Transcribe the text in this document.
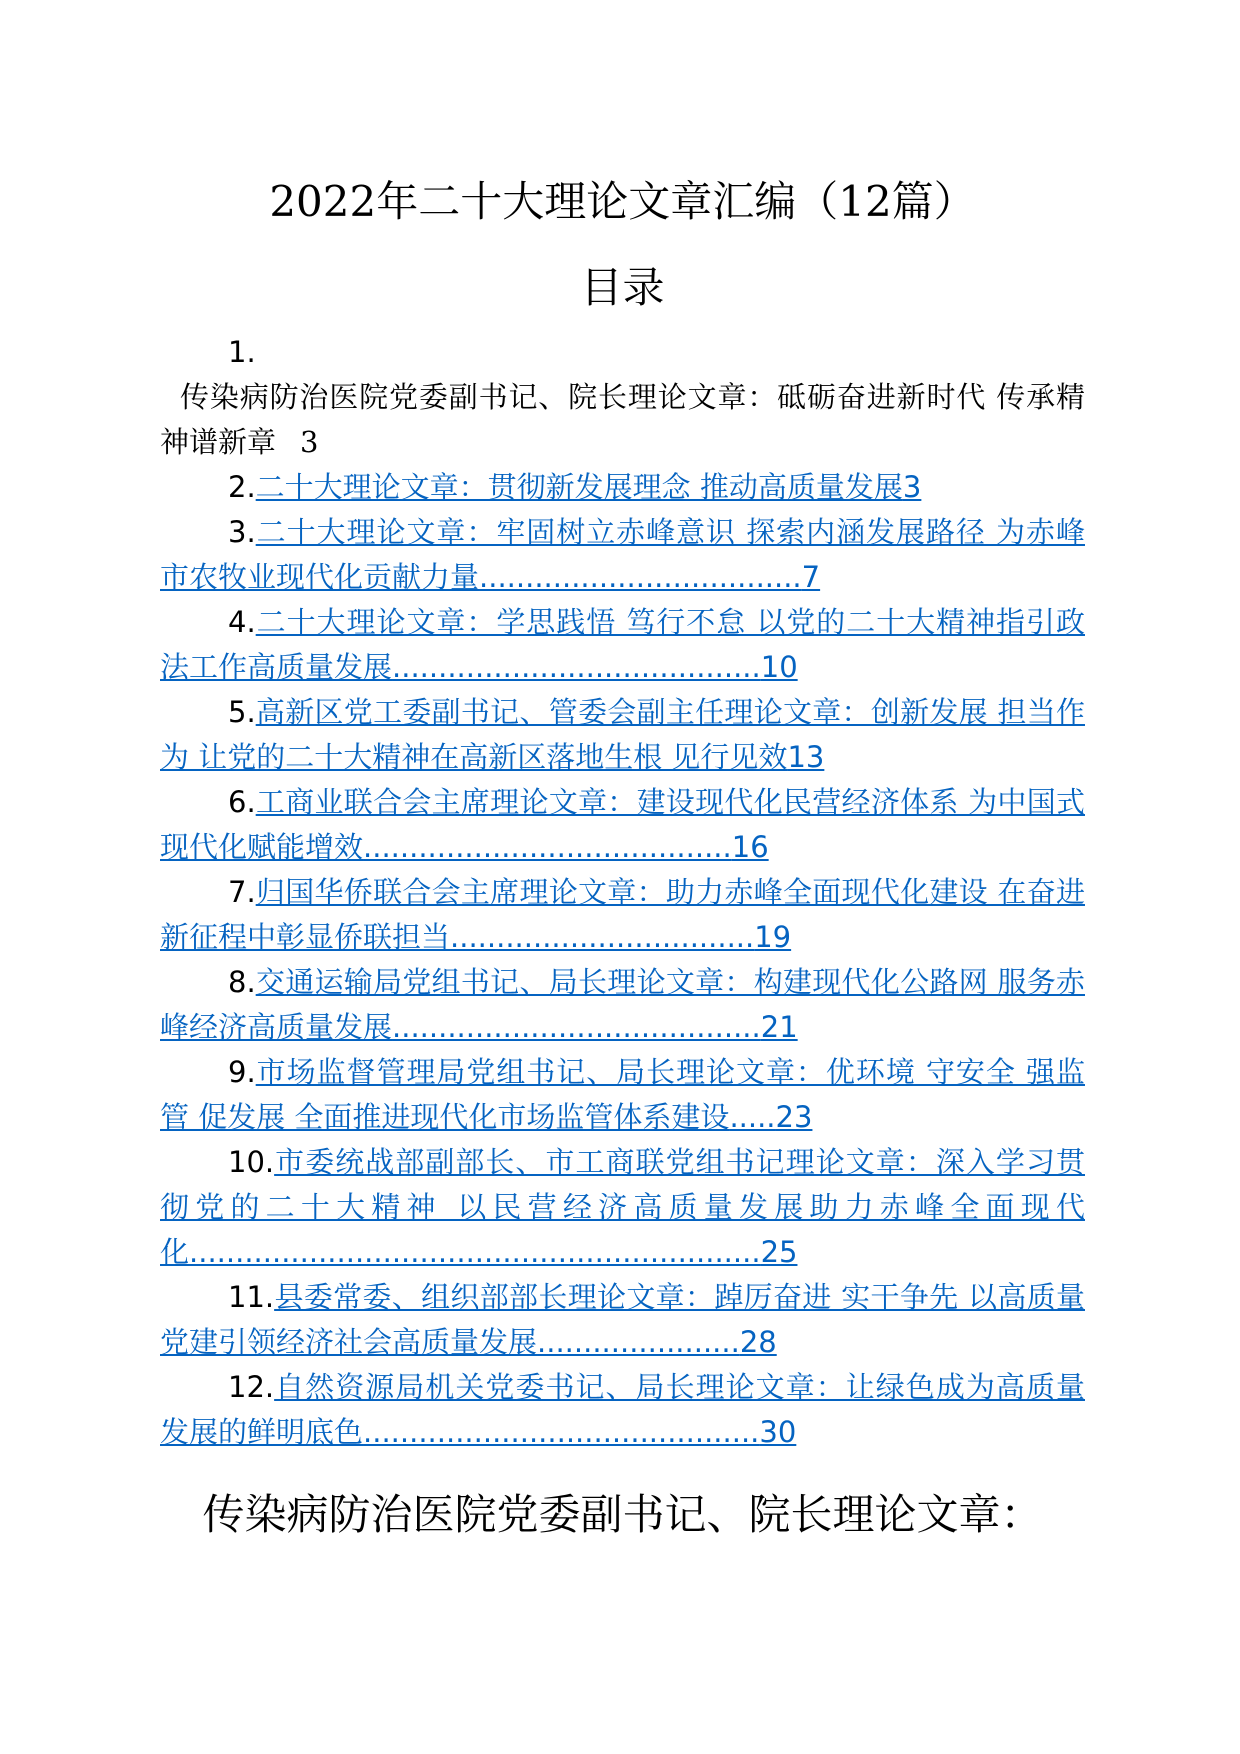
2022年二十大理论文章汇编（12篇）
目录
1.
传染病防治医院党委副书记、院长理论文章：砥砺奋进新时代 传承精神谱新章 3
2.二十大理论文章：贯彻新发展理念 推动高质量发展3
3.二十大理论文章：牢固树立赤峰意识 探索内涵发展路径 为赤峰市农牧业现代化贡献力量...................................7
4.二十大理论文章：学思践悟 笃行不怠 以党的二十大精神指引政法工作高质量发展........................................10
5.高新区党工委副书记、管委会副主任理论文章：创新发展 担当作为 让党的二十大精神在高新区落地生根 见行见效13
6.工商业联合会主席理论文章：建设现代化民营经济体系 为中国式现代化赋能增效........................................16
7.归国华侨联合会主席理论文章：助力赤峰全面现代化建设 在奋进新征程中彰显侨联担当.................................19
8.交通运输局党组书记、局长理论文章：构建现代化公路网 服务赤峰经济高质量发展........................................21
9.市场监督管理局党组书记、局长理论文章：优环境 守安全 强监管 促发展 全面推进现代化市场监管体系建设.....23
10.市委统战部副部长、市工商联党组书记理论文章：深入学习贯彻党的二十大精神 以民营经济高质量发展助力赤峰全面现代化..............................................................25
11.县委常委、组织部部长理论文章：踔厉奋进 实干争先 以高质量党建引领经济社会高质量发展......................28
12.自然资源局机关党委书记、局长理论文章：让绿色成为高质量发展的鲜明底色...........................................30
传染病防治医院党委副书记、院长理论文章：
